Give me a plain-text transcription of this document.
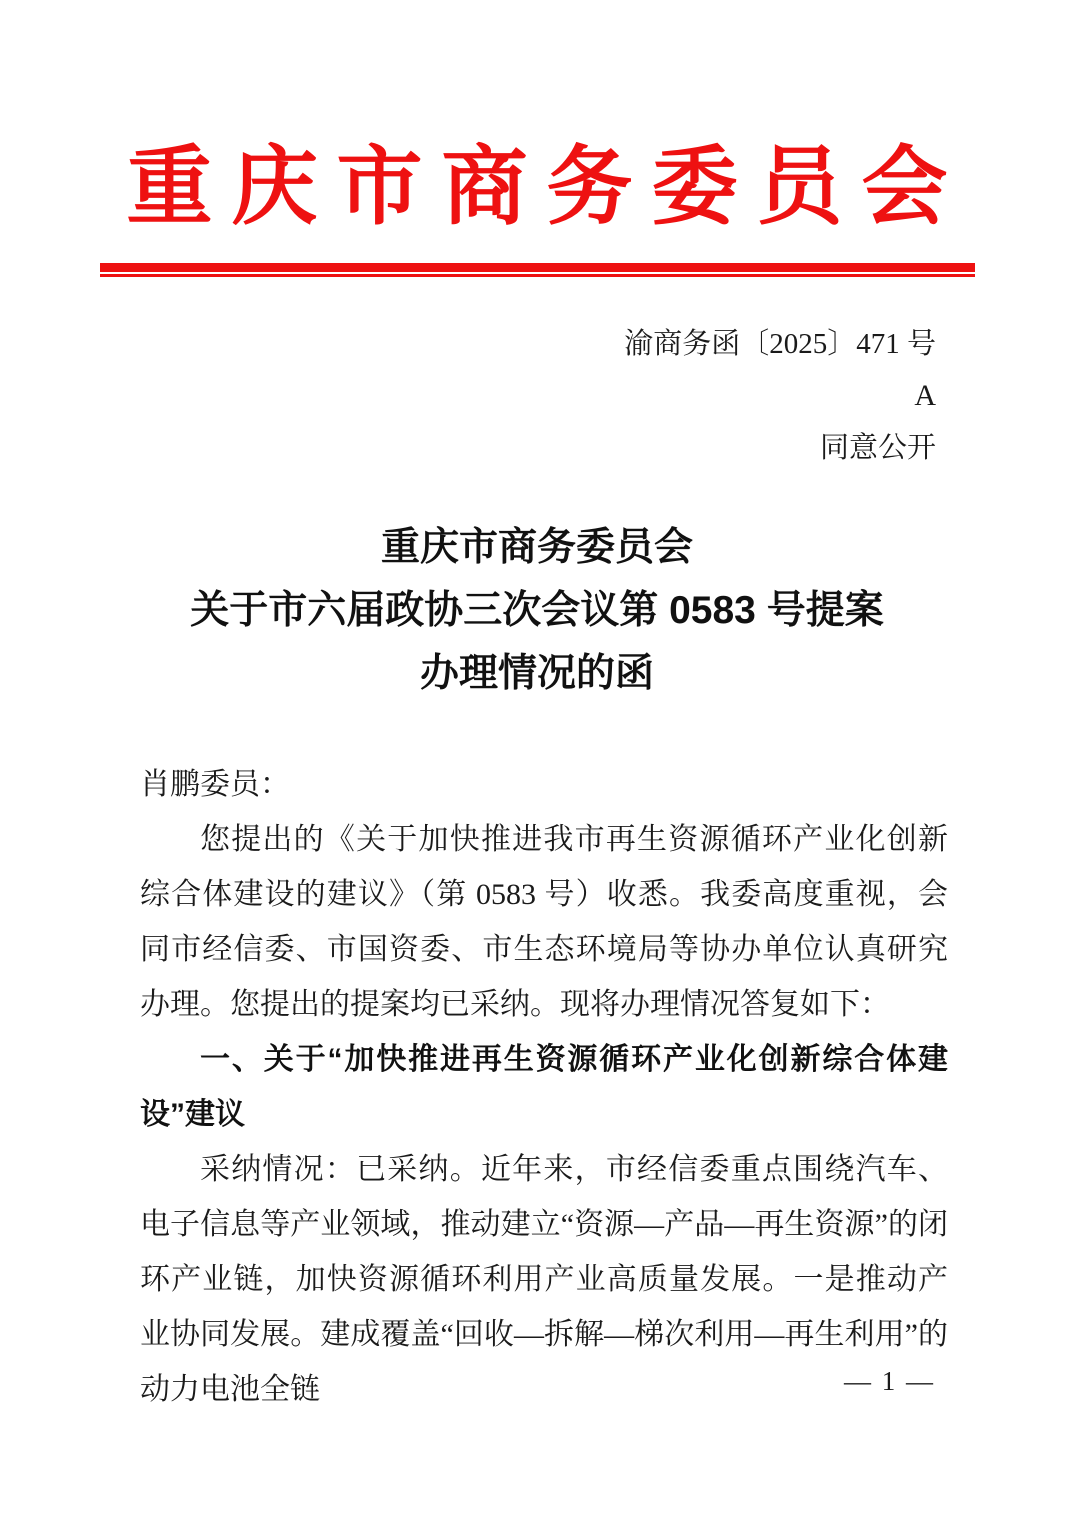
重庆市商务委员会
渝商务函〔2025〕471 号
A
同意公开
重庆市商务委员会
关于市六届政协三次会议第 0583 号提案
办理情况的函

肖鹏委员：

您提出的《关于加快推进我市再生资源循环产业化创新综合体建设的建议》（第 0583 号）收悉。我委高度重视，会同市经信委、市国资委、市生态环境局等协办单位认真研究办理。您提出的提案均已采纳。现将办理情况答复如下：

一、关于“加快推进再生资源循环产业化创新综合体建设”建议

采纳情况：已采纳。近年来，市经信委重点围绕汽车、电子信息等产业领域，推动建立“资源—产品—再生资源”的闭环产业链，加快资源循环利用产业高质量发展。一是推动产业协同发展。建成覆盖“回收—拆解—梯次利用—再生利用”的动力电池全链	— 1 —
